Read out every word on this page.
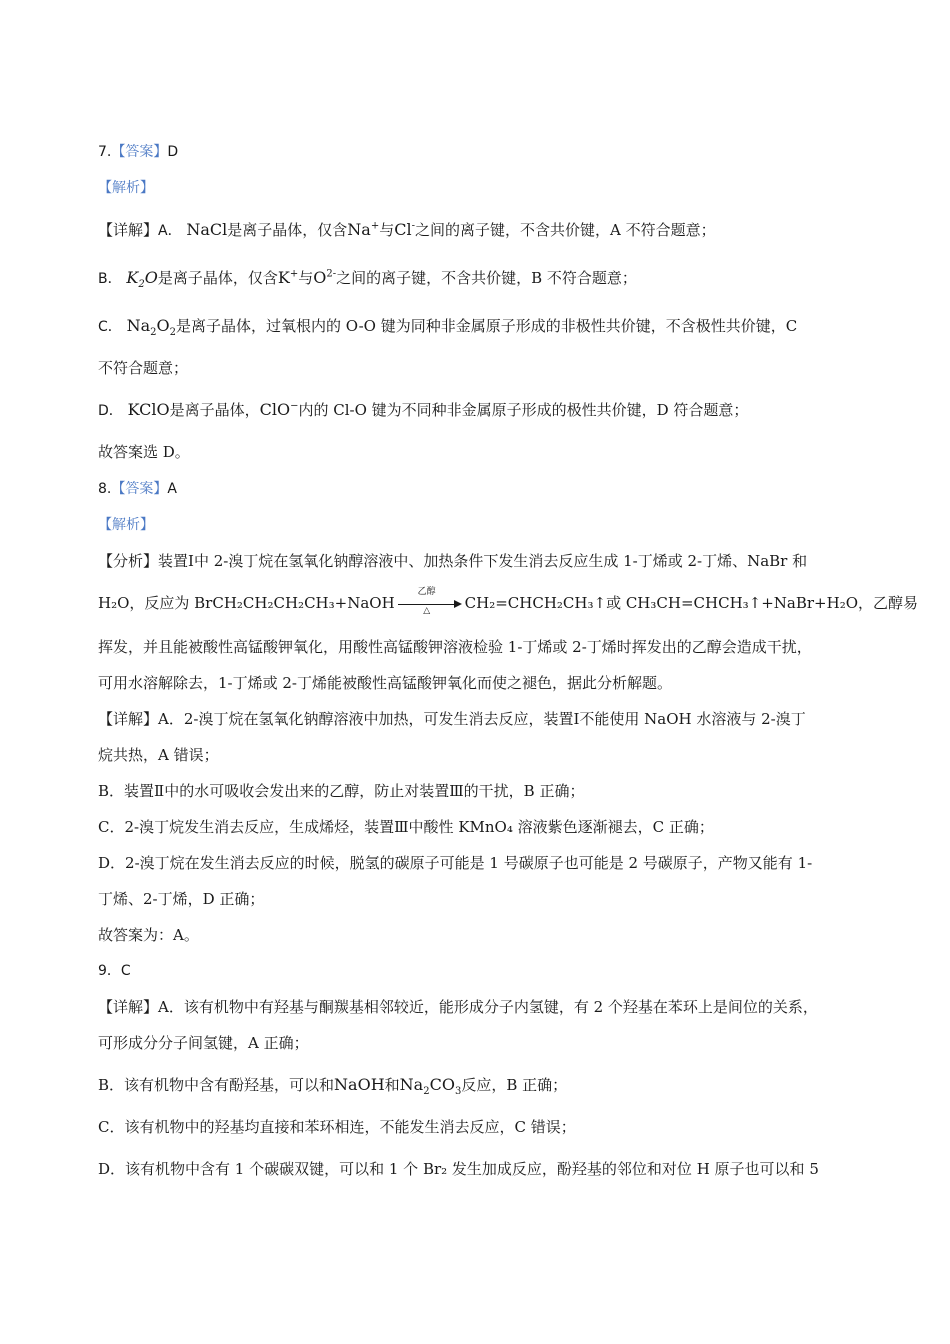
7.【答案】D
【解析】
【详解】A． NaCl是离子晶体，仅含Na+与Cl-之间的离子键，不含共价键，A 不符合题意；
B． $K_2O$是离子晶体，仅含K+与$O^{2-}$之间的离子键，不含共价键，B 不符合题意；
C． $Na_2O_2$是离子晶体，过氧根内的 O-O 键为同种非金属原子形成的非极性共价键，不含极性共价键，C
不符合题意；
D． KClO是离子晶体，ClO−内的 Cl-O 键为不同种非金属原子形成的极性共价键，D 符合题意；
故答案选 D。
8.【答案】A
【解析】
【分析】装置Ⅰ中 2-溴丁烷在氢氧化钠醇溶液中、加热条件下发生消去反应生成 1-丁烯或 2-丁烯、NaBr 和
H₂O，反应为 BrCH₂CH₂CH₂CH₃+NaOH
乙醇
△	CH₂=CHCH₂CH₃↑或 CH₃CH=CHCH₃↑+NaBr+H₂O，乙醇易
挥发，并且能被酸性高锰酸钾氧化，用酸性高锰酸钾溶液检验 1-丁烯或 2-丁烯时挥发出的乙醇会造成干扰，
可用水溶解除去，1-丁烯或 2-丁烯能被酸性高锰酸钾氧化而使之褪色，据此分析解题。
【详解】A．2-溴丁烷在氢氧化钠醇溶液中加热，可发生消去反应，装置Ⅰ不能使用 NaOH 水溶液与 2-溴丁
烷共热，A 错误；
B．装置Ⅱ中的水可吸收会发出来的乙醇，防止对装置Ⅲ的干扰，B 正确；
C．2-溴丁烷发生消去反应，生成烯烃，装置Ⅲ中酸性 KMnO₄ 溶液紫色逐渐褪去，C 正确；
D．2-溴丁烷在发生消去反应的时候，脱氢的碳原子可能是 1 号碳原子也可能是 2 号碳原子，产物又能有 1-
丁烯、2-丁烯，D 正确；
故答案为：A。
9．C
【详解】A．该有机物中有羟基与酮羰基相邻较近，能形成分子内氢键，有 2 个羟基在苯环上是间位的关系，
可形成分分子间氢键，A 正确；
B．该有机物中含有酚羟基，可以和NaOH和$Na_2CO_3$反应，B 正确；
C．该有机物中的羟基均直接和苯环相连，不能发生消去反应，C 错误；
D．该有机物中含有 1 个碳碳双键，可以和 1 个 Br₂ 发生加成反应，酚羟基的邻位和对位 H 原子也可以和 5
